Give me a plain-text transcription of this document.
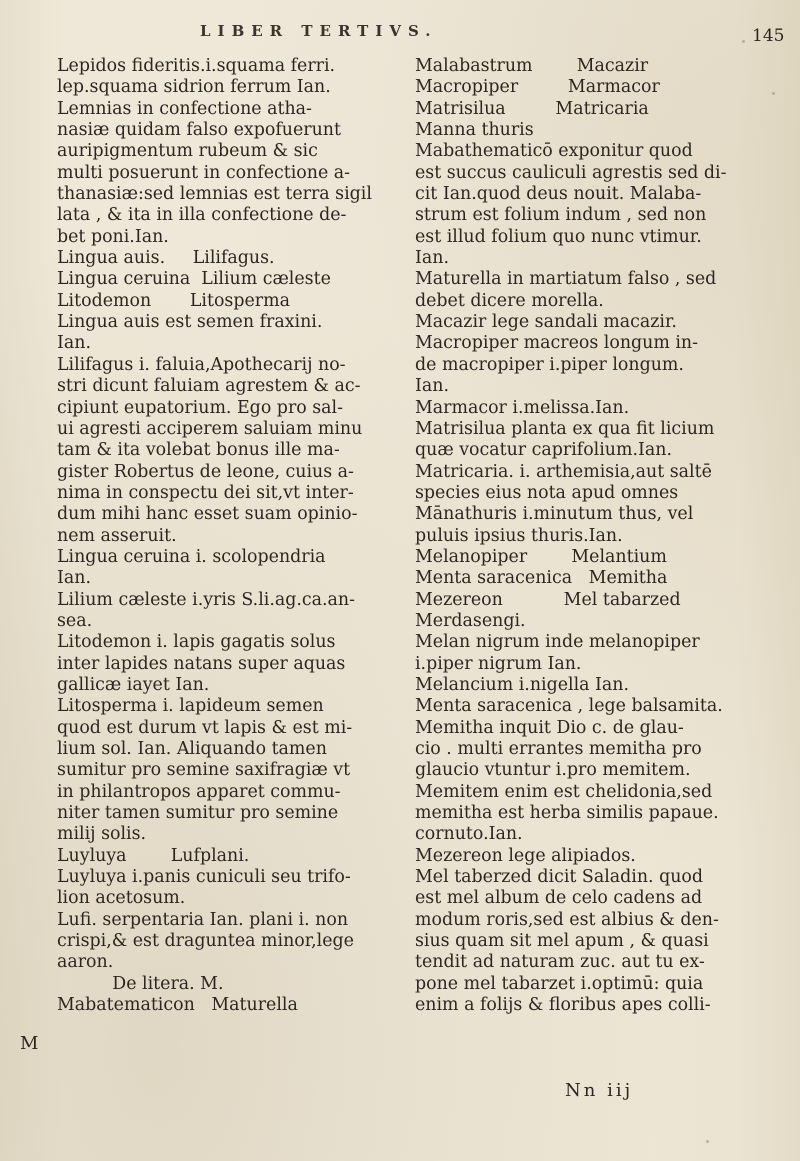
LIBER TERTIVS.	145
Lepidos fideritis.i.squama ferri.
lep.squama sidrion ferrum Ian.
Lemnias in confectione atha-
nasiæ quidam falso expofuerunt
auripigmentum rubeum & sic
multi posuerunt in confectione a-
thanasiæ:sed lemnias est terra sigil
lata , & ita in illa confectione de-
bet poni.Ian.
Lingua auis.     Lilifagus.
Lingua ceruina  Lilium cæleste
Litodemon       Litosperma
Lingua auis est semen fraxini.
Ian.
Lilifagus i. faluia,Apothecarij no-
stri dicunt faluiam agrestem & ac-
cipiunt eupatorium. Ego pro sal-
ui agresti acciperem saluiam minu
tam & ita volebat bonus ille ma-
gister Robertus de leone, cuius a-
nima in conspectu dei sit,vt inter-
dum mihi hanc esset suam opinio-
nem asseruit.
Lingua ceruina i. scolopendria
Ian.
Lilium cæleste i.yris S.li.ag.ca.an-
sea.
Litodemon i. lapis gagatis solus
inter lapides natans super aquas
gallicæ iayet Ian.
Litosperma i. lapideum semen
quod est durum vt lapis & est mi-
lium sol. Ian. Aliquando tamen
sumitur pro semine saxifragiæ vt
in philantropos apparet commu-
niter tamen sumitur pro semine
milij solis.
Luyluya        Lufplani.
Luyluya i.panis cuniculi seu trifo-
lion acetosum.
Lufi. serpentaria Ian. plani i. non
crispi,& est dragunteа minor,lege
aaron.
De litera. M.
Mabatematicon   Maturella
Malabastrum        Macazir
Macropiper         Marmacor
Matrisilua         Matricaria
Manna thuris
Mabathematicō exponitur quod
est succus cauliculi agrestis sed di-
cit Ian.quod deus nouit. Malaba-
strum est folium indum , sed non
est illud folium quo nunc vtimur.
Ian.
Maturella in martiatum falso , sed
debet dicere morella.
Macazir lege sandali macazir.
Macropiper macreos longum in-
de macropiper i.piper longum.
Ian.
Marmacor i.melissa.Ian.
Matrisilua planta ex qua fit licium
quæ vocatur caprifolium.Ian.
Matricaria. i. arthemisia,aut saltē
species eius nota apud omnes
Mānathuris i.minutum thus, vel
puluis ipsius thuris.Ian.
Melanopiper        Melantium
Menta saracenica   Memitha
Mezereon           Mel tabarzed
Merdasengi.
Melan nigrum inde melanopiper
i.piper nigrum Ian.
Melancium i.nigella Ian.
Menta saracenica , lege balsamita.
Memitha inquit Dio c. de glau-
cio . multi errantes memitha pro
glaucio vtuntur i.pro memitem.
Memitem enim est chelidonia,sed
memitha est herba similis papaue.
cornuto.Ian.
Mezereon lege alipiados.
Mel taberzed dicit Saladin. quod
est mel album de celo cadens ad
modum roris,sed est albius & den-
sius quam sit mel apum , & quasi
tendit ad naturam zuc. aut tu ex-
pone mel tabarzet i.optimū: quia
enim a folijs & floribus apes colli-
M
Nn iij
